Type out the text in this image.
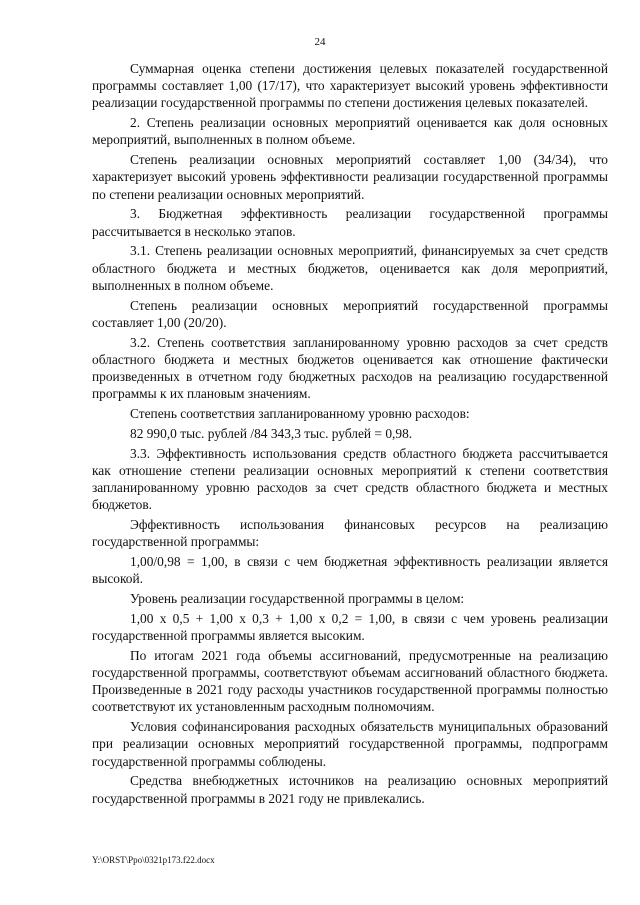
24

Суммарная оценка степени достижения целевых показателей государственной программы составляет 1,00 (17/17), что характеризует высокий уровень эффективности реализации государственной программы по степени достижения целевых показателей.

2. Степень реализации основных мероприятий оценивается как доля основных мероприятий, выполненных в полном объеме.

Степень реализации основных мероприятий составляет 1,00 (34/34), что характеризует высокий уровень эффективности реализации государственной программы по степени реализации основных мероприятий.

3. Бюджетная эффективность реализации государственной программы рассчитывается в несколько этапов.

3.1. Степень реализации основных мероприятий, финансируемых за счет средств областного бюджета и местных бюджетов, оценивается как доля мероприятий, выполненных в полном объеме.

Степень реализации основных мероприятий государственной программы составляет 1,00 (20/20).

3.2. Степень соответствия запланированному уровню расходов за счет средств областного бюджета и местных бюджетов оценивается как отношение фактически произведенных в отчетном году бюджетных расходов на реализацию государственной программы к их плановым значениям.

Степень соответствия запланированному уровню расходов:

82 990,0 тыс. рублей /84 343,3 тыс. рублей = 0,98.

3.3. Эффективность использования средств областного бюджета рассчитывается как отношение степени реализации основных мероприятий к степени соответствия запланированному уровню расходов за счет средств областного бюджета и местных бюджетов.

Эффективность использования финансовых ресурсов на реализацию государственной программы:

1,00/0,98 = 1,00, в связи с чем бюджетная эффективность реализации является высокой.

Уровень реализации государственной программы в целом:

1,00 х 0,5 + 1,00 х 0,3 + 1,00 х 0,2 = 1,00, в связи с чем уровень реализации государственной программы является высоким.

По итогам 2021 года объемы ассигнований, предусмотренные на реализацию государственной программы, соответствуют объемам ассигнований областного бюджета. Произведенные в 2021 году расходы участников государственной программы полностью соответствуют их установленным расходным полномочиям.

Условия софинансирования расходных обязательств муниципальных образований при реализации основных мероприятий государственной программы, подпрограмм государственной программы соблюдены.

Средства внебюджетных источников на реализацию основных мероприятий государственной программы в 2021 году не привлекались.

Y:\ORST\Ppo\0321p173.f22.docx
